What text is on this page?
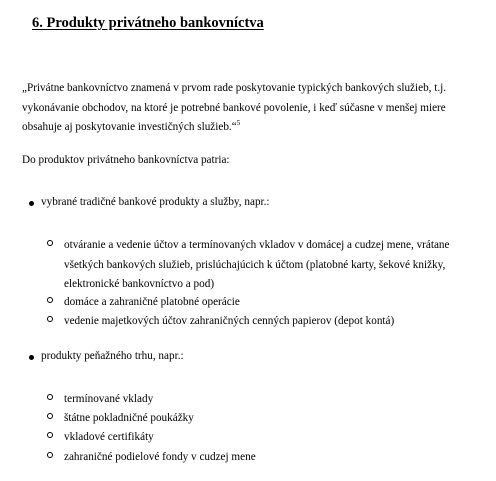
6. Produkty privátneho bankovníctva
„Privátne bankovníctvo znamená v prvom rade poskytovanie typických bankových služieb, t.j.
vykonávanie obchodov, na ktoré je potrebné bankové povolenie, i keď súčasne v menšej miere
obsahuje aj poskytovanie investičných služieb.“$^5$
Do produktov privátneho bankovníctva patria:
vybrané tradičné bankové produkty a služby, napr.:
otváranie a vedenie účtov a termínovaných vkladov v domácej a cudzej mene, vrátane
všetkých bankových služieb, prislúchajúcich k účtom (platobné karty, šekové knižky,
elektronické bankovníctvo a pod)
domáce a zahraničné platobné operácie
vedenie majetkových účtov zahraničných cenných papierov (depot kontá)
produkty peňažného trhu, napr.:
termínované vklady
štátne pokladničné poukážky
vkladové certifikáty
zahraničné podielové fondy v cudzej mene
